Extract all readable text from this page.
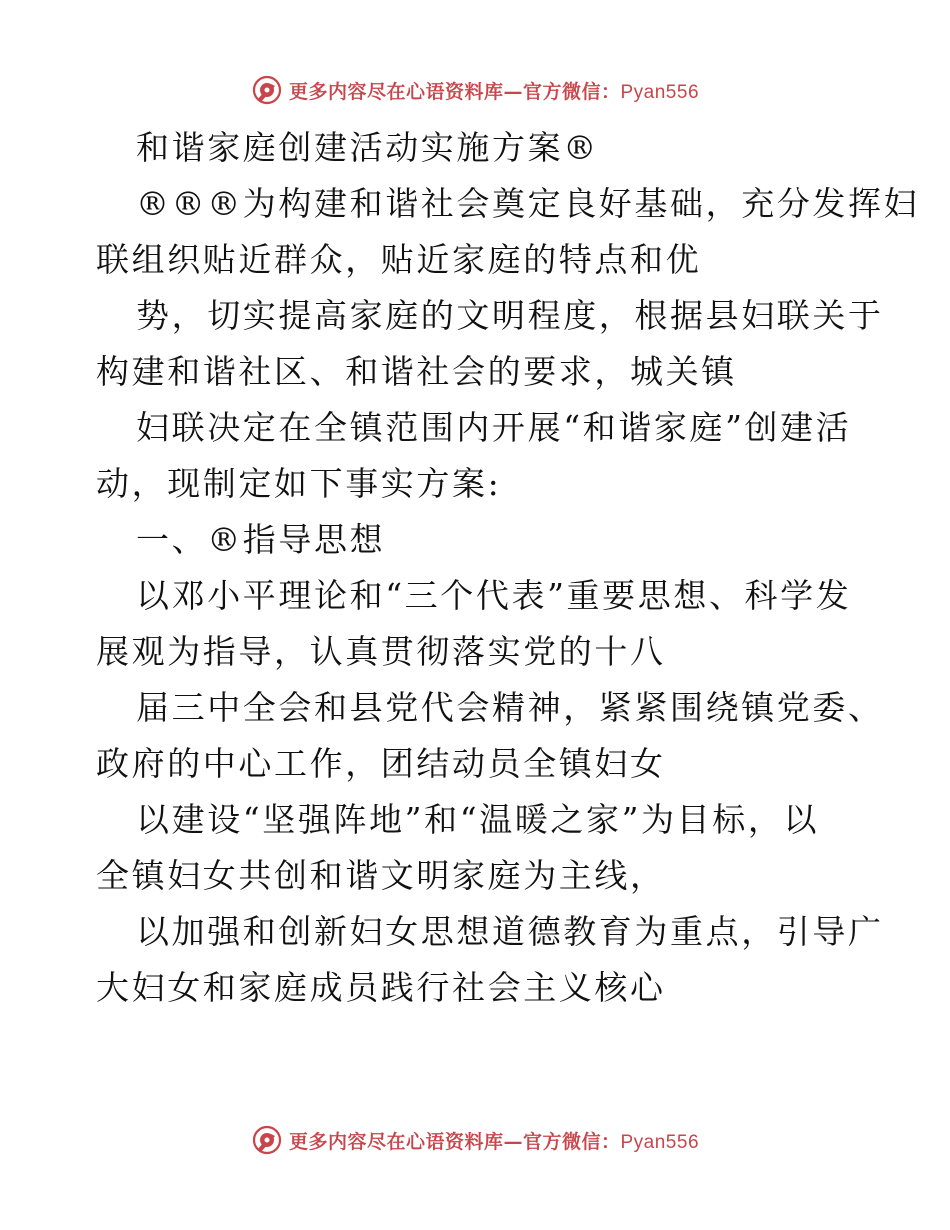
更多内容尽在心语资料库—官方微信：Pyan556
和谐家庭创建活动实施方案®
®®®为构建和谐社会奠定良好基础，充分发挥妇
联组织贴近群众，贴近家庭的特点和优
势，切实提高家庭的文明程度，根据县妇联关于
构建和谐社区、和谐社会的要求，城关镇
妇联决定在全镇范围内开展“和谐家庭”创建活
动，现制定如下事实方案:
一、®指导思想
以邓小平理论和“三个代表”重要思想、科学发
展观为指导，认真贯彻落实党的十八
届三中全会和县党代会精神，紧紧围绕镇党委、
政府的中心工作，团结动员全镇妇女
以建设“坚强阵地”和“温暖之家”为目标，以
全镇妇女共创和谐文明家庭为主线，
以加强和创新妇女思想道德教育为重点，引导广
大妇女和家庭成员践行社会主义核心
更多内容尽在心语资料库—官方微信：Pyan556
